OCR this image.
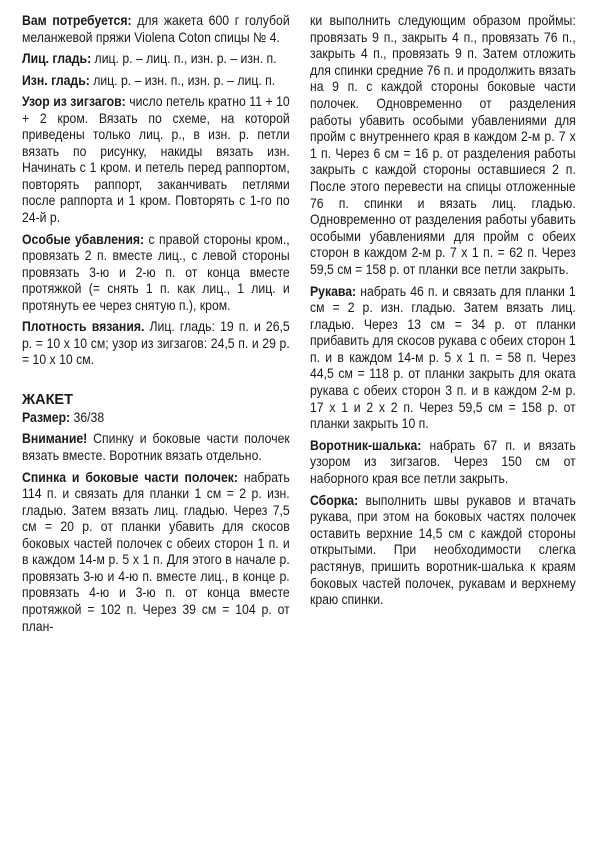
Вам потребуется: для жакета 600 г голубой меланжевой пряжи Violena Coton спицы № 4.

Лиц. гладь: лиц. р. – лиц. п., изн. р. – изн. п.

Изн. гладь: лиц. р. – изн. п., изн. р. – лиц. п.

Узор из зигзагов: число петель кратно 11 + 10 + 2 кром. Вязать по схеме, на которой приведены только лиц. р., в изн. р. петли вязать по рисунку, накиды вязать изн. Начинать с 1 кром. и петель перед раппортом, повторять раппорт, заканчивать петлями после раппорта и 1 кром. Повторять с 1-го по 24-й р.

Особые убавления: с правой стороны кром., провязать 2 п. вместе лиц., с левой стороны провязать 3-ю и 2-ю п. от конца вместе протяжкой (= снять 1 п. как лиц., 1 лиц. и протянуть ее через снятую п.), кром.

Плотность вязания. Лиц. гладь: 19 п. и 26,5 р. = 10 х 10 см; узор из зигзагов: 24,5 п. и 29 р. = 10 х 10 см.

ЖАКЕТ

Размер: 36/38

Внимание! Спинку и боковые части полочек вязать вместе. Воротник вязать отдельно.

Спинка и боковые части полочек: набрать 114 п. и связать для планки 1 см = 2 р. изн. гладью. Затем вязать лиц. гладью. Через 7,5 см = 20 р. от планки убавить для скосов боковых частей полочек с обеих сторон 1 п. и в каждом 14-м р. 5 х 1 п. Для этого в начале р. провязать 3-ю и 4-ю п. вместе лиц., в конце р. провязать 4-ю и 3-ю п. от конца вместе протяжкой = 102 п. Через 39 см = 104 р. от план-

ки выполнить следующим образом проймы: провязать 9 п., закрыть 4 п., провязать 76 п., закрыть 4 п., провязать 9 п. Затем отложить для спинки средние 76 п. и продолжить вязать на 9 п. с каждой стороны боковые части полочек. Одновременно от разделения работы убавить особыми убавлениями для пройм с внутреннего края в каждом 2-м р. 7 х 1 п. Через 6 см = 16 р. от разделения работы закрыть с каждой стороны оставшиеся 2 п. После этого перевести на спицы отложенные 76 п. спинки и вязать лиц. гладью. Одновременно от разделения работы убавить особыми убавлениями для пройм с обеих сторон в каждом 2-м р. 7 х 1 п. = 62 п. Через 59,5 см = 158 р. от планки все петли закрыть.

Рукава: набрать 46 п. и связать для планки 1 см = 2 р. изн. гладью. Затем вязать лиц. гладью. Через 13 см = 34 р. от планки прибавить для скосов рукава с обеих сторон 1 п. и в каждом 14-м р. 5 х 1 п. = 58 п. Через 44,5 см = 118 р. от планки закрыть для оката рукава с обеих сторон 3 п. и в каждом 2-м р. 17 х 1 и 2 х 2 п. Через 59,5 см = 158 р. от планки закрыть 10 п.

Воротник-шалька: набрать 67 п. и вязать узором из зигзагов. Через 150 см от наборного края все петли закрыть.

Сборка: выполнить швы рукавов и втачать рукава, при этом на боковых частях полочек оставить верхние 14,5 см с каждой стороны открытыми. При необходимости слегка растянув, пришить воротник-шалька к краям боковых частей полочек, рукавам и верхнему краю спинки.
